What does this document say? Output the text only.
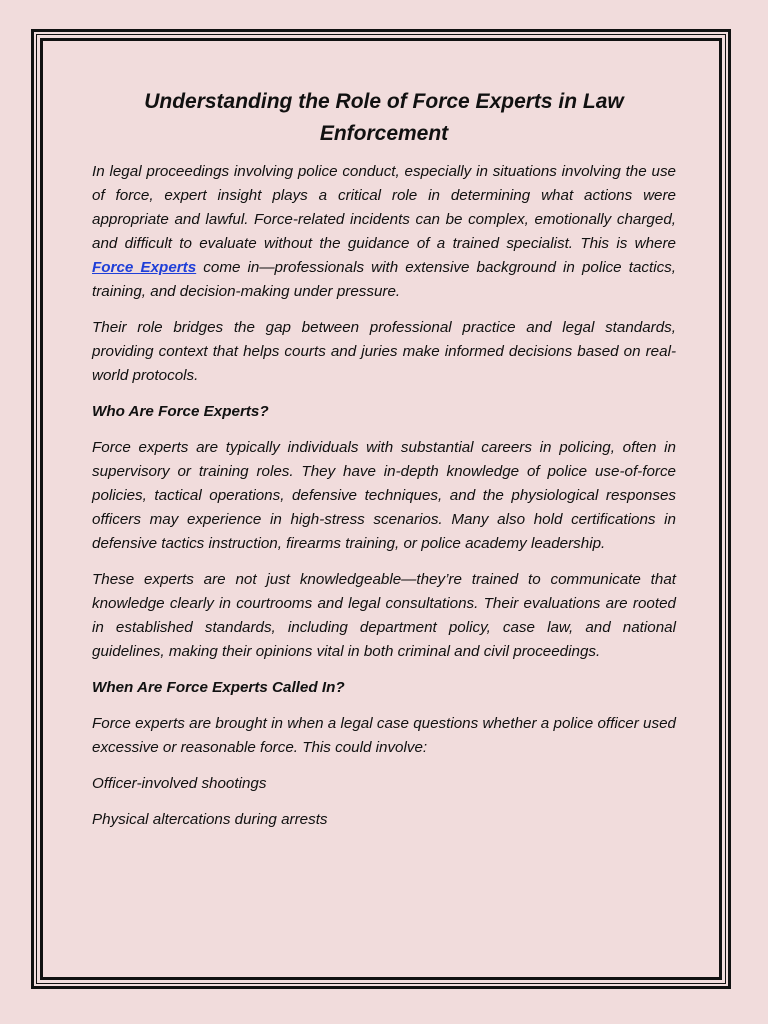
Understanding the Role of Force Experts in Law Enforcement

In legal proceedings involving police conduct, especially in situations involving the use of force, expert insight plays a critical role in determining what actions were appropriate and lawful. Force-related incidents can be complex, emotionally charged, and difficult to evaluate without the guidance of a trained specialist. This is where Force Experts come in—professionals with extensive background in police tactics, training, and decision-making under pressure.

Their role bridges the gap between professional practice and legal standards, providing context that helps courts and juries make informed decisions based on real-world protocols.

Who Are Force Experts?

Force experts are typically individuals with substantial careers in policing, often in supervisory or training roles. They have in-depth knowledge of police use-of-force policies, tactical operations, defensive techniques, and the physiological responses officers may experience in high-stress scenarios. Many also hold certifications in defensive tactics instruction, firearms training, or police academy leadership.

These experts are not just knowledgeable—they’re trained to communicate that knowledge clearly in courtrooms and legal consultations. Their evaluations are rooted in established standards, including department policy, case law, and national guidelines, making their opinions vital in both criminal and civil proceedings.

When Are Force Experts Called In?

Force experts are brought in when a legal case questions whether a police officer used excessive or reasonable force. This could involve:

Officer-involved shootings

Physical altercations during arrests
